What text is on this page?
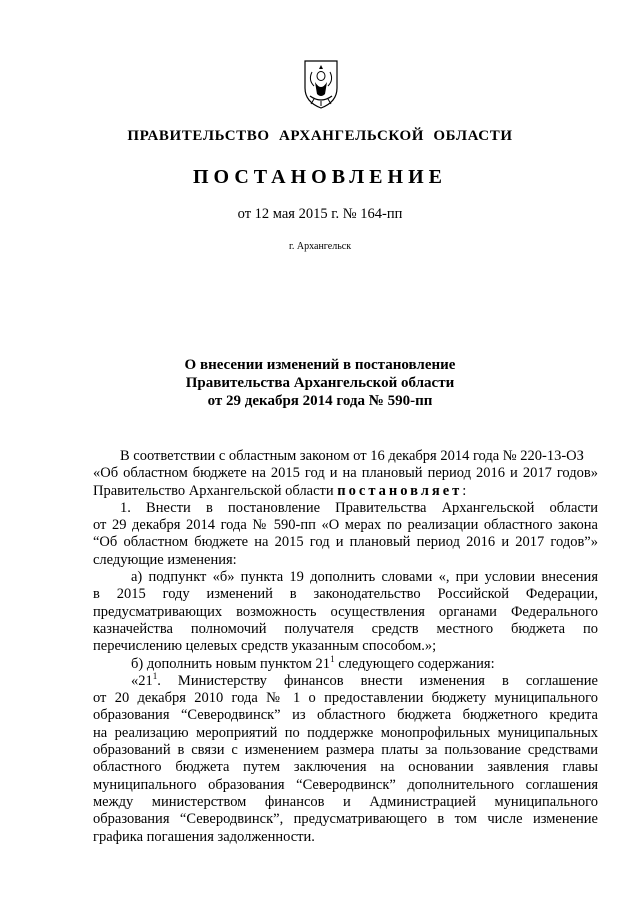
ПРАВИТЕЛЬСТВО АРХАНГЕЛЬСКОЙ ОБЛАСТИ
ПОСТАНОВЛЕНИЕ
от 12 мая 2015 г. № 164-пп
г. Архангельск
О внесении изменений в постановление
Правительства Архангельской области
от 29 декабря 2014 года № 590-пп
В соответствии с областным законом от 16 декабря 2014 года № 220-13-ОЗ
«Об областном бюджете на 2015 год и на плановый период 2016 и 2017 годов»
Правительство Архангельской области постановляет:
1. Внести в постановление Правительства Архангельской области
от 29 декабря 2014 года № 590-пп «О мерах по реализации областного закона
“Об областном бюджете на 2015 год и плановый период 2016 и 2017 годов”»
следующие изменения:
а) подпункт «б» пункта 19 дополнить словами «, при условии внесения
в 2015 году изменений в законодательство Российской Федерации,
предусматривающих возможность осуществления органами Федерального
казначейства полномочий получателя средств местного бюджета по
перечислению целевых средств указанным способом.»;
б) дополнить новым пунктом $21^1$ следующего содержания:
«$21^1$. Министерству финансов внести изменения в соглашение
от 20 декабря 2010 года № 1 о предоставлении бюджету муниципального
образования “Северодвинск” из областного бюджета бюджетного кредита
на реализацию мероприятий по поддержке монопрофильных муниципальных
образований в связи с изменением размера платы за пользование средствами
областного бюджета путем заключения на основании заявления главы
муниципального образования “Северодвинск” дополнительного соглашения
между министерством финансов и Администрацией муниципального
образования “Северодвинск”, предусматривающего в том числе изменение
графика погашения задолженности.
